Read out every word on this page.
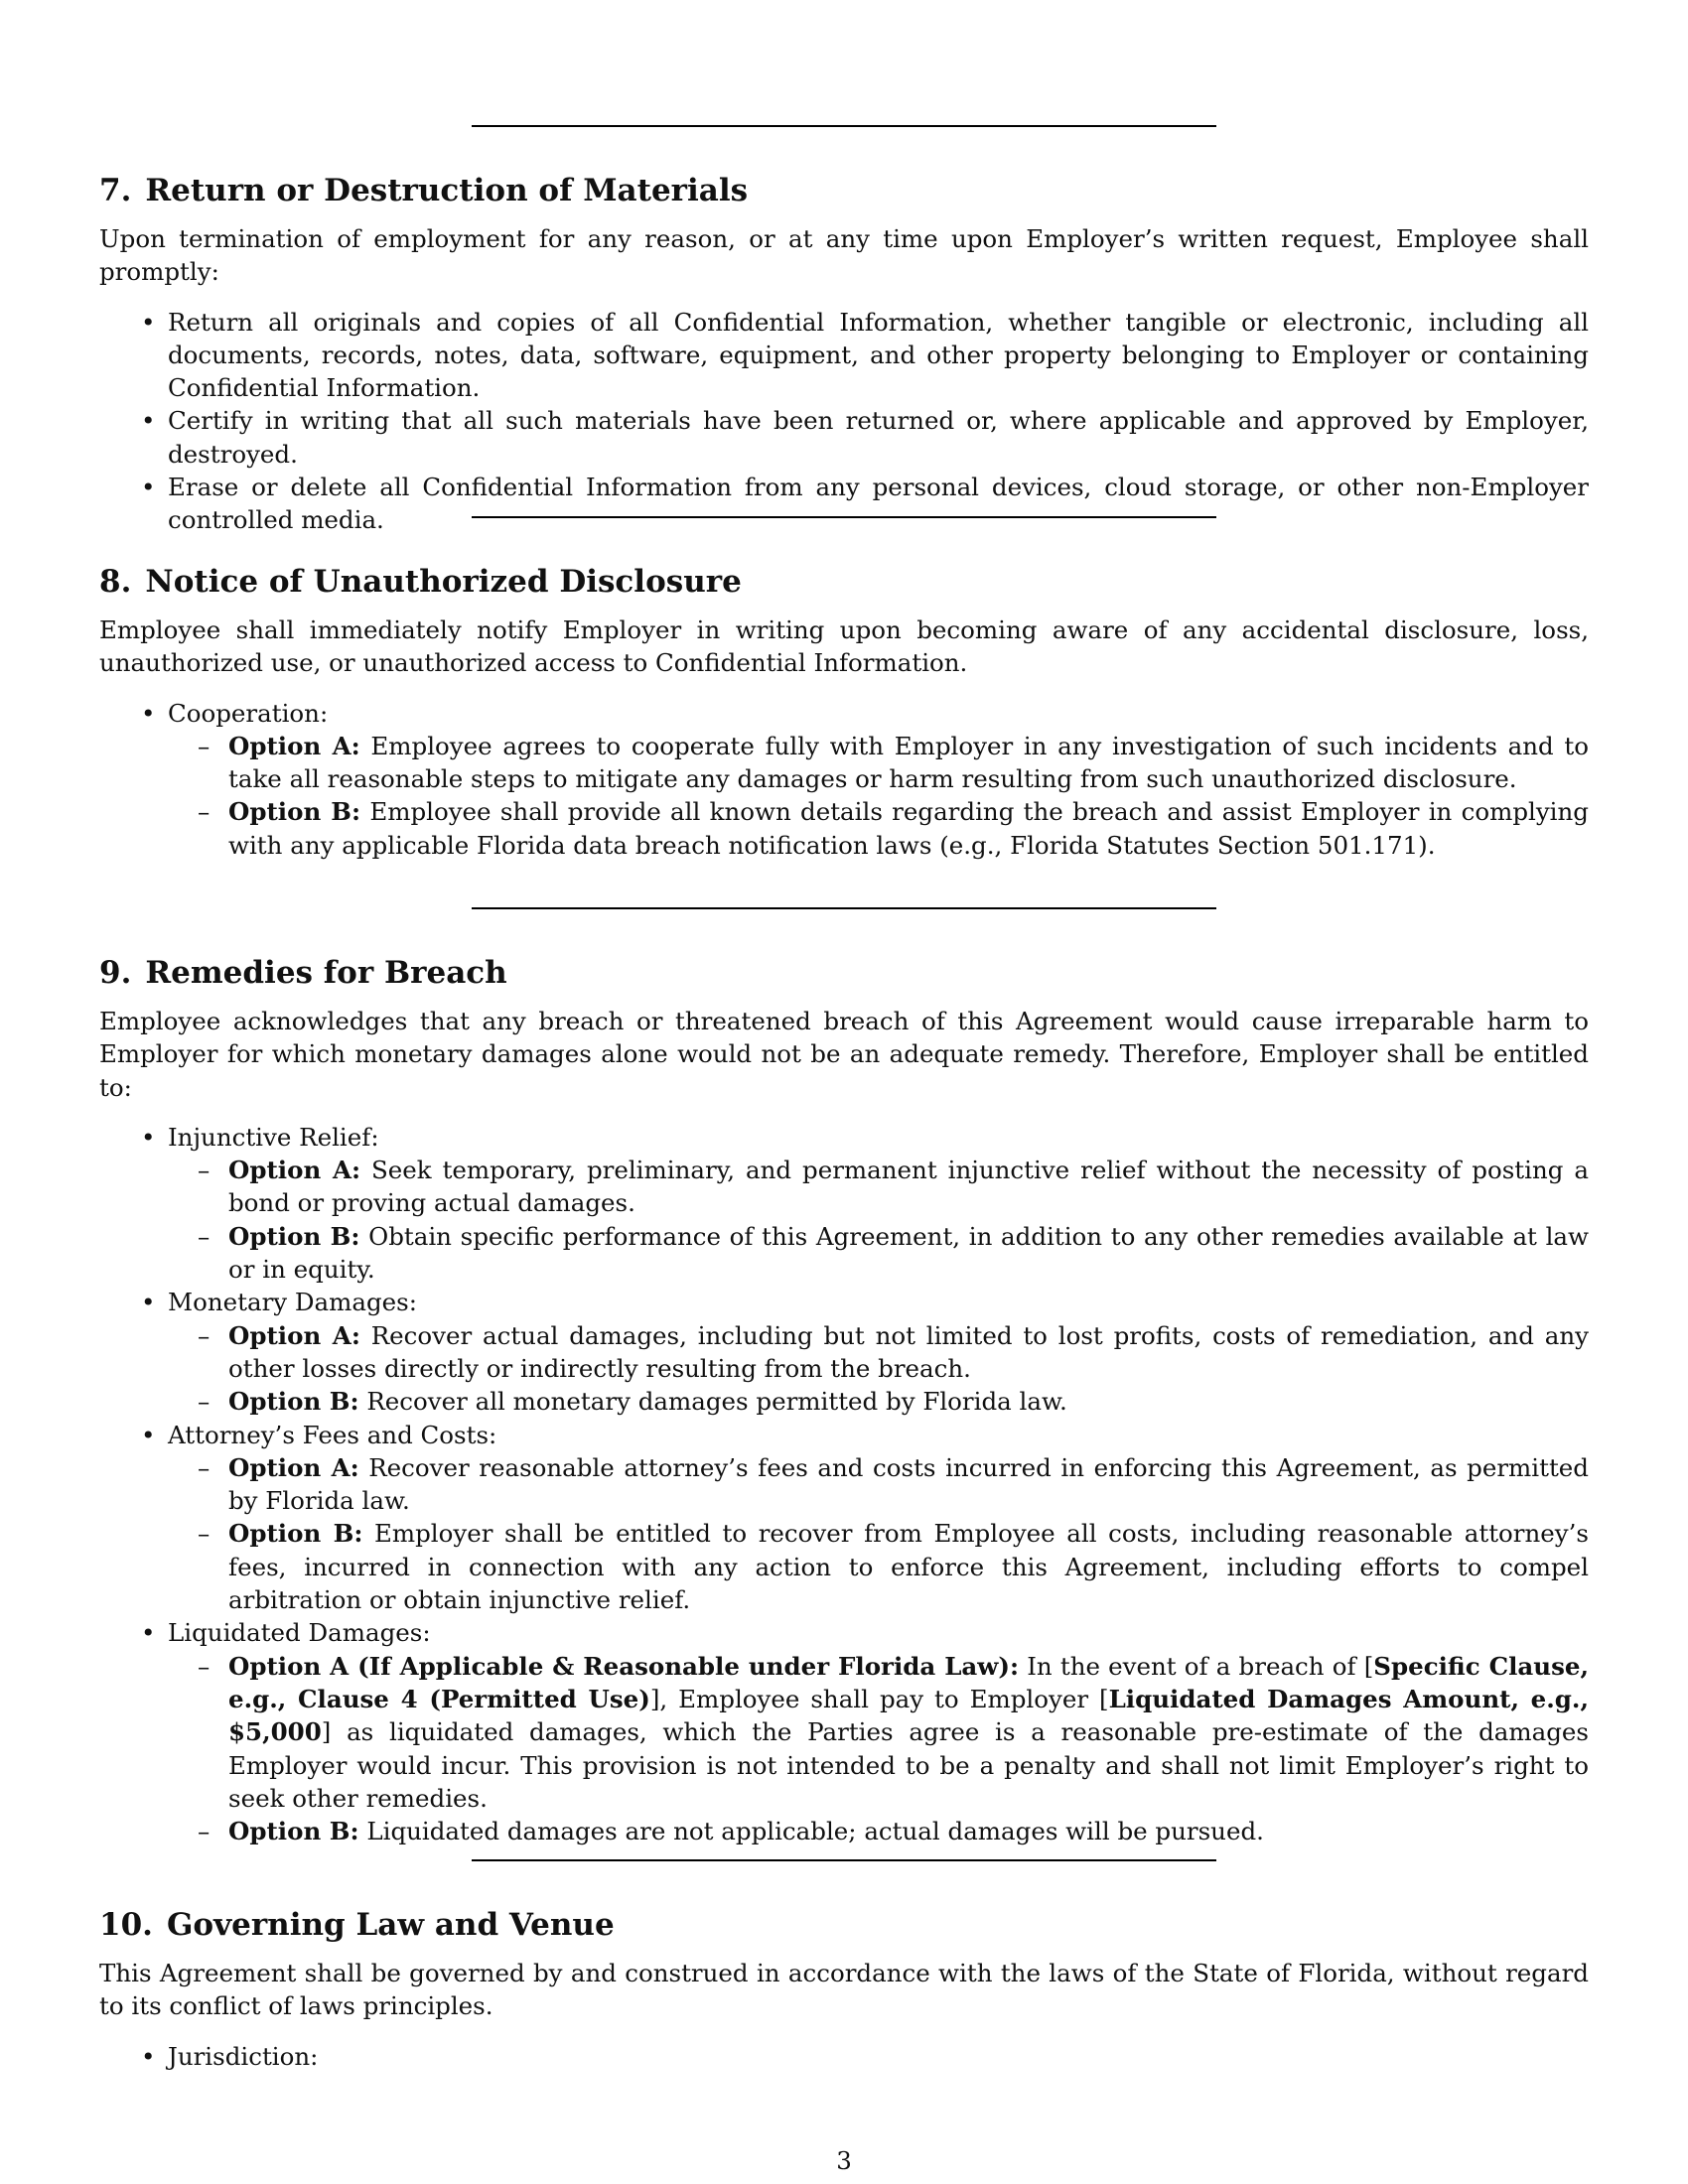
7. Return or Destruction of Materials

Upon termination of employment for any reason, or at any time upon Employer’s written request, Employee shall promptly:

• Return all originals and copies of all Confidential Information, whether tangible or electronic, including all documents, records, notes, data, software, equipment, and other property belonging to Employer or containing Confidential Information.
• Certify in writing that all such materials have been returned or, where applicable and approved by Employer, destroyed.
• Erase or delete all Confidential Information from any personal devices, cloud storage, or other non-Employer controlled media.
8. Notice of Unauthorized Disclosure

Employee shall immediately notify Employer in writing upon becoming aware of any accidental disclosure, loss, unauthorized use, or unauthorized access to Confidential Information.

• Cooperation:
– Option A: Employee agrees to cooperate fully with Employer in any investigation of such incidents and to take all reasonable steps to mitigate any damages or harm resulting from such unauthorized disclosure.
– Option B: Employee shall provide all known details regarding the breach and assist Employer in complying with any applicable Florida data breach notification laws (e.g., Florida Statutes Section 501.171).
9. Remedies for Breach

Employee acknowledges that any breach or threatened breach of this Agreement would cause irreparable harm to Employer for which monetary damages alone would not be an adequate remedy. Therefore, Employer shall be entitled to:

• Injunctive Relief:
– Option A: Seek temporary, preliminary, and permanent injunctive relief without the necessity of posting a bond or proving actual damages.
– Option B: Obtain specific performance of this Agreement, in addition to any other remedies available at law or in equity.
• Monetary Damages:
– Option A: Recover actual damages, including but not limited to lost profits, costs of remediation, and any other losses directly or indirectly resulting from the breach.
– Option B: Recover all monetary damages permitted by Florida law.
• Attorney’s Fees and Costs:
– Option A: Recover reasonable attorney’s fees and costs incurred in enforcing this Agreement, as permitted by Florida law.
– Option B: Employer shall be entitled to recover from Employee all costs, including reasonable attorney’s fees, incurred in connection with any action to enforce this Agreement, including efforts to compel arbitration or obtain injunctive relief.
• Liquidated Damages:
– Option A (If Applicable & Reasonable under Florida Law): In the event of a breach of [Specific Clause, e.g., Clause 4 (Permitted Use)], Employee shall pay to Employer [Liquidated Damages Amount, e.g., $5,000] as liquidated damages, which the Parties agree is a reasonable pre-estimate of the damages Employer would incur. This provision is not intended to be a penalty and shall not limit Employer’s right to seek other remedies.
– Option B: Liquidated damages are not applicable; actual damages will be pursued.
10. Governing Law and Venue

This Agreement shall be governed by and construed in accordance with the laws of the State of Florida, without regard to its conflict of laws principles.

• Jurisdiction:
3
